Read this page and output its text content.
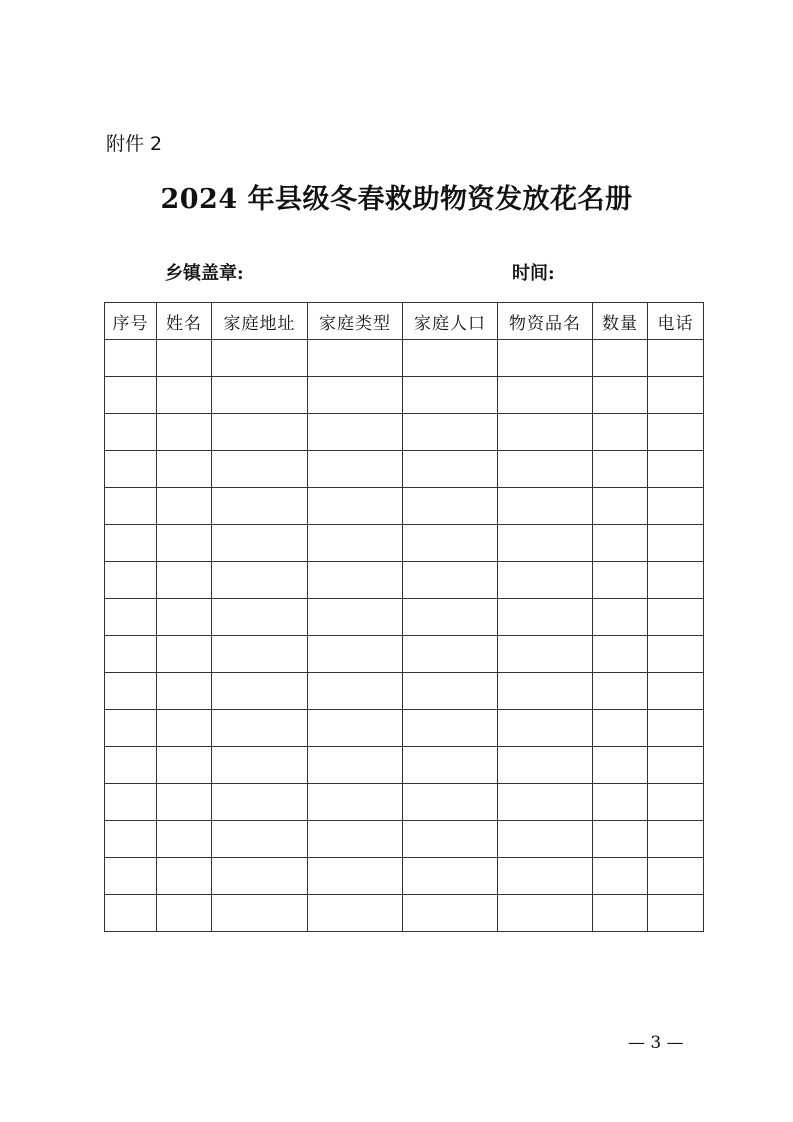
附件 2
2024 年县级冬春救助物资发放花名册
乡镇盖章:	时间:
序号	姓名	家庭地址	家庭类型	家庭人口	物资品名	数量	电话

— 3 —
